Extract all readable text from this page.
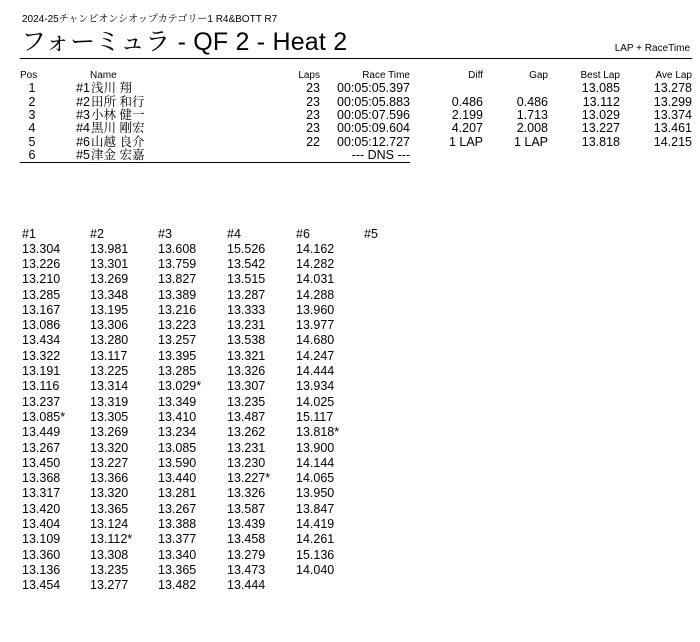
2024-25チャンピオンシオップカテゴリー1 R4&BOTT R7
フォーミュラ - QF 2 - Heat 2	LAP + RaceTime
Pos		Name	Laps	Race Time	Diff	Gap	Best Lap	Ave Lap
1	#1	浅川 翔	23	00:05:05.397			13.085	13.278
2	#2	田所 和行	23	00:05:05.883	0.486	0.486	13.112	13.299
3	#3	小林 健一	23	00:05:07.596	2.199	1.713	13.029	13.374
4	#4	黒川 剛宏	23	00:05:09.604	4.207	2.008	13.227	13.461
5	#6	山越 良介	22	00:05:12.727	1 LAP	1 LAP	13.818	14.215
6	#5	津金 宏嘉		--- DNS ---				
#1	#2	#3	#4	#6	#5
13.304	13.981	13.608	15.526	14.162	
13.226	13.301	13.759	13.542	14.282	
13.210	13.269	13.827	13.515	14.031	
13.285	13.348	13.389	13.287	14.288	
13.167	13.195	13.216	13.333	13.960	
13.086	13.306	13.223	13.231	13.977	
13.434	13.280	13.257	13.538	14.680	
13.322	13.117	13.395	13.321	14.247	
13.191	13.225	13.285	13.326	14.444	
13.116	13.314	13.029*	13.307	13.934	
13.237	13.319	13.349	13.235	14.025	
13.085*	13.305	13.410	13.487	15.117	
13.449	13.269	13.234	13.262	13.818*	
13.267	13.320	13.085	13.231	13.900	
13.450	13.227	13.590	13.230	14.144	
13.368	13.366	13.440	13.227*	14.065	
13.317	13.320	13.281	13.326	13.950	
13.420	13.365	13.267	13.587	13.847	
13.404	13.124	13.388	13.439	14.419	
13.109	13.112*	13.377	13.458	14.261	
13.360	13.308	13.340	13.279	15.136	
13.136	13.235	13.365	13.473	14.040	
13.454	13.277	13.482	13.444		
